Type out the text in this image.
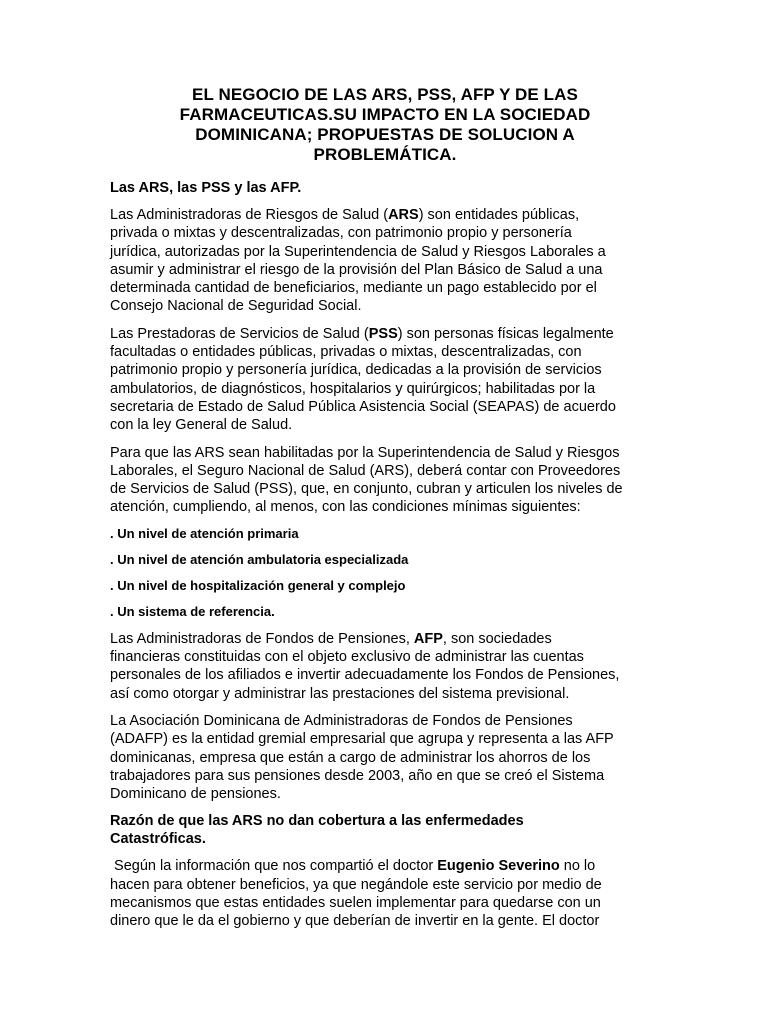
EL NEGOCIO DE LAS ARS, PSS, AFP Y DE LAS
FARMACEUTICAS.SU IMPACTO EN LA SOCIEDAD
DOMINICANA; PROPUESTAS DE SOLUCION A
PROBLEMÁTICA.
Las ARS, las PSS y las AFP.
Las Administradoras de Riesgos de Salud (ARS) son entidades públicas,
privada o mixtas y descentralizadas, con patrimonio propio y personería
jurídica, autorizadas por la Superintendencia de Salud y Riesgos Laborales a
asumir y administrar el riesgo de la provisión del Plan Básico de Salud a una
determinada cantidad de beneficiarios, mediante un pago establecido por el
Consejo Nacional de Seguridad Social.
Las Prestadoras de Servicios de Salud (PSS) son personas físicas legalmente
facultadas o entidades públicas, privadas o mixtas, descentralizadas, con
patrimonio propio y personería jurídica, dedicadas a la provisión de servicios
ambulatorios, de diagnósticos, hospitalarios y quirúrgicos; habilitadas por la
secretaria de Estado de Salud Pública Asistencia Social (SEAPAS) de acuerdo
con la ley General de Salud.
Para que las ARS sean habilitadas por la Superintendencia de Salud y Riesgos
Laborales, el Seguro Nacional de Salud (ARS), deberá contar con Proveedores
de Servicios de Salud (PSS), que, en conjunto, cubran y articulen los niveles de
atención, cumpliendo, al menos, con las condiciones mínimas siguientes:
. Un nivel de atención primaria
. Un nivel de atención ambulatoria especializada
. Un nivel de hospitalización general y complejo
. Un sistema de referencia.
Las Administradoras de Fondos de Pensiones, AFP, son sociedades
financieras constituidas con el objeto exclusivo de administrar las cuentas
personales de los afiliados e invertir adecuadamente los Fondos de Pensiones,
así como otorgar y administrar las prestaciones del sistema previsional.
La Asociación Dominicana de Administradoras de Fondos de Pensiones
(ADAFP) es la entidad gremial empresarial que agrupa y representa a las AFP
dominicanas, empresa que están a cargo de administrar los ahorros de los
trabajadores para sus pensiones desde 2003, año en que se creó el Sistema
Dominicano de pensiones.
Razón de que las ARS no dan cobertura a las enfermedades
Catastróficas.
Según la información que nos compartió el doctor Eugenio Severino no lo
hacen para obtener beneficios, ya que negándole este servicio por medio de
mecanismos que estas entidades suelen implementar para quedarse con un
dinero que le da el gobierno y que deberían de invertir en la gente. El doctor
